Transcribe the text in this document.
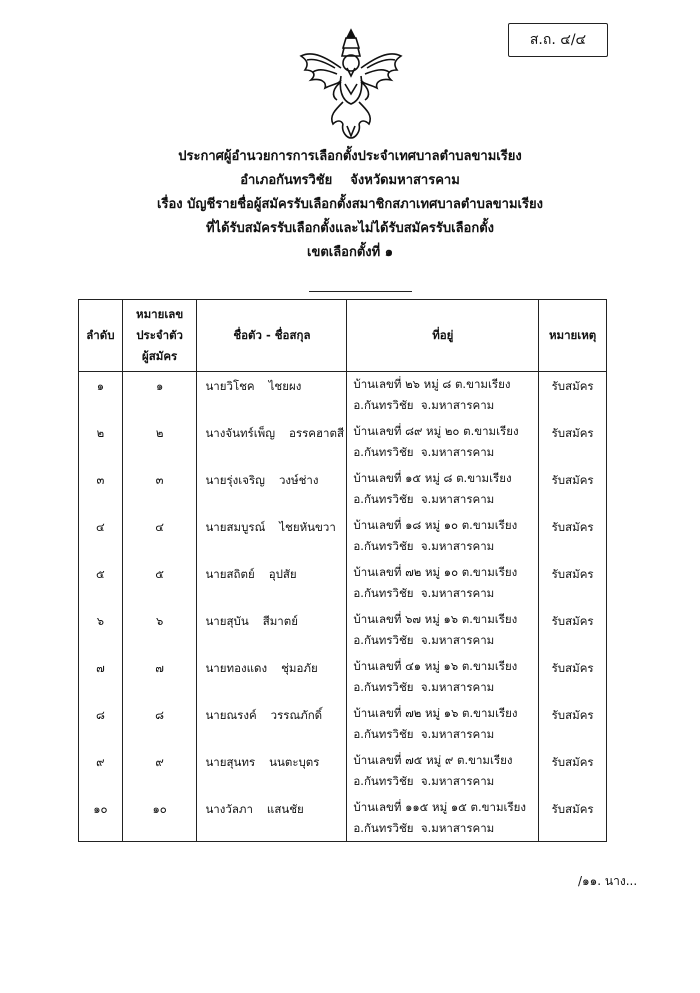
ส.ถ. ๔/๔
ประกาศผู้อำนวยการการเลือกตั้งประจำเทศบาลตำบลขามเรียง
อำเภอกันทรวิชัย    จังหวัดมหาสารคาม
เรื่อง บัญชีรายชื่อผู้สมัครรับเลือกตั้งสมาชิกสภาเทศบาลตำบลขามเรียง
ที่ได้รับสมัครรับเลือกตั้งและไม่ได้รับสมัครรับเลือกตั้ง
เขตเลือกตั้งที่ ๑
ลำดับ	หมายเลข
ประจำตัว
ผู้สมัคร	ชื่อตัว - ชื่อสกุล	ที่อยู่	หมายเหตุ
๑	๑	นายวิโชค ไชยผง	บ้านเลขที่ ๒๖ หมู่ ๘ ต.ขามเรียง
อ.กันทรวิชัย  จ.มหาสารคาม	รับสมัคร
๒	๒	นางจันทร์เพ็ญ อรรคฮาตสี	บ้านเลขที่ ๘๙ หมู่ ๒๐ ต.ขามเรียง
อ.กันทรวิชัย  จ.มหาสารคาม	รับสมัคร
๓	๓	นายรุ่งเจริญ วงษ์ช่าง	บ้านเลขที่ ๑๕ หมู่ ๘ ต.ขามเรียง
อ.กันทรวิชัย  จ.มหาสารคาม	รับสมัคร
๔	๔	นายสมบูรณ์ ไชยหันขวา	บ้านเลขที่ ๑๘ หมู่ ๑๐ ต.ขามเรียง
อ.กันทรวิชัย  จ.มหาสารคาม	รับสมัคร
๕	๕	นายสถิตย์ อุปสัย	บ้านเลขที่ ๗๒ หมู่ ๑๐ ต.ขามเรียง
อ.กันทรวิชัย  จ.มหาสารคาม	รับสมัคร
๖	๖	นายสุบัน สีมาตย์	บ้านเลขที่ ๖๗ หมู่ ๑๖ ต.ขามเรียง
อ.กันทรวิชัย  จ.มหาสารคาม	รับสมัคร
๗	๗	นายทองแดง ชุ่มอภัย	บ้านเลขที่ ๔๑ หมู่ ๑๖ ต.ขามเรียง
อ.กันทรวิชัย  จ.มหาสารคาม	รับสมัคร
๘	๘	นายณรงค์ วรรณภักดิ์	บ้านเลขที่ ๗๒ หมู่ ๑๖ ต.ขามเรียง
อ.กันทรวิชัย  จ.มหาสารคาม	รับสมัคร
๙	๙	นายสุนทร นนตะบุตร	บ้านเลขที่ ๗๕ หมู่ ๙ ต.ขามเรียง
อ.กันทรวิชัย  จ.มหาสารคาม	รับสมัคร
๑๐	๑๐	นางวัลภา แสนชัย	บ้านเลขที่ ๑๑๕ หมู่ ๑๕ ต.ขามเรียง
อ.กันทรวิชัย  จ.มหาสารคาม	รับสมัคร
/๑๑. นาง...
